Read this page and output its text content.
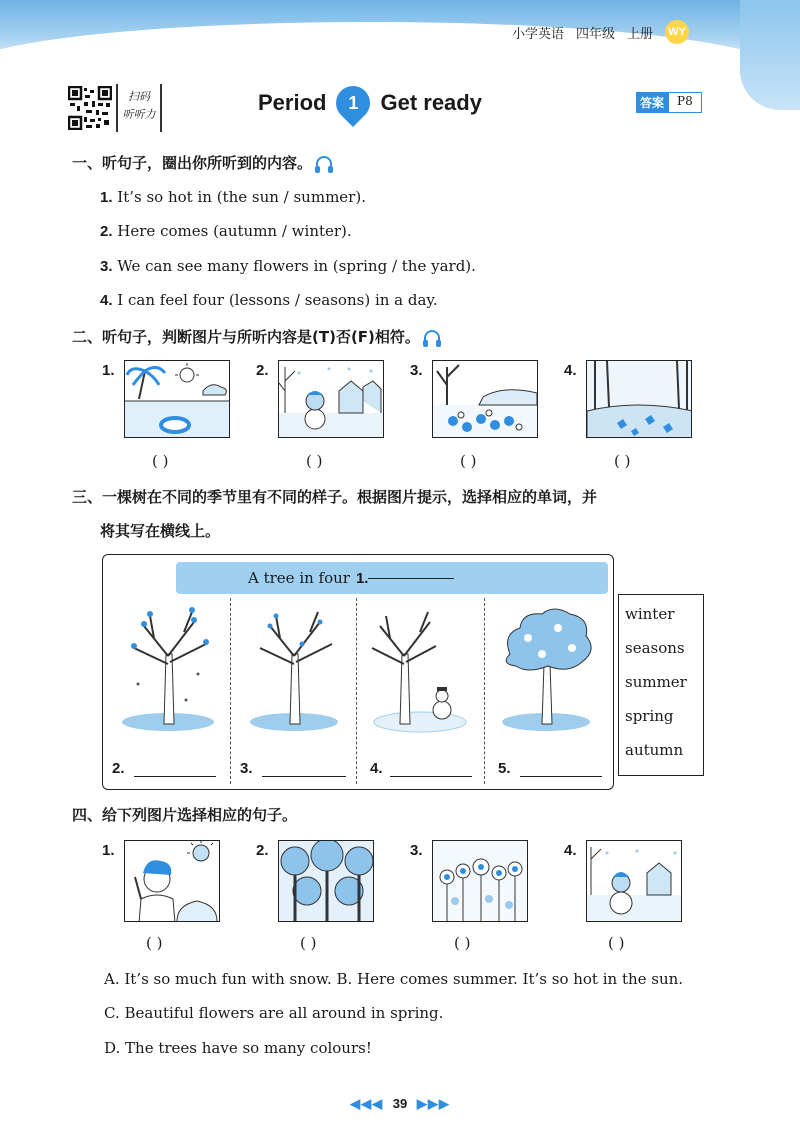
小学英语 四年级 上册 WY
扫码
听听力	Period 1 Get ready	答案	P8
一、听句子，圈出你所听到的内容。
1. It’s so hot in (the sun / summer).
2. Here comes (autumn / winter).
3. We can see many flowers in (spring / the yard).
4. I can feel four (lessons / seasons) in a day.
二、听句子，判断图片与所听内容是(T)否(F)相符。
1.	2.	3.	4.
( )	( )	( )	( )
三、一棵树在不同的季节里有不同的样子。根据图片提示，选择相应的单词，并
将其写在横线上。
A tree in four 1.
2.	3.	4.	5.
winter
seasons
summer
spring
autumn
四、给下列图片选择相应的句子。
1.	2.	3.	4.
( )	( )	( )	( )
A. It’s so much fun with snow. B. Here comes summer. It’s so hot in the sun.
C. Beautiful flowers are all around in spring.
D. The trees have so many colours!
◀◀◀ 39 ▶▶▶
